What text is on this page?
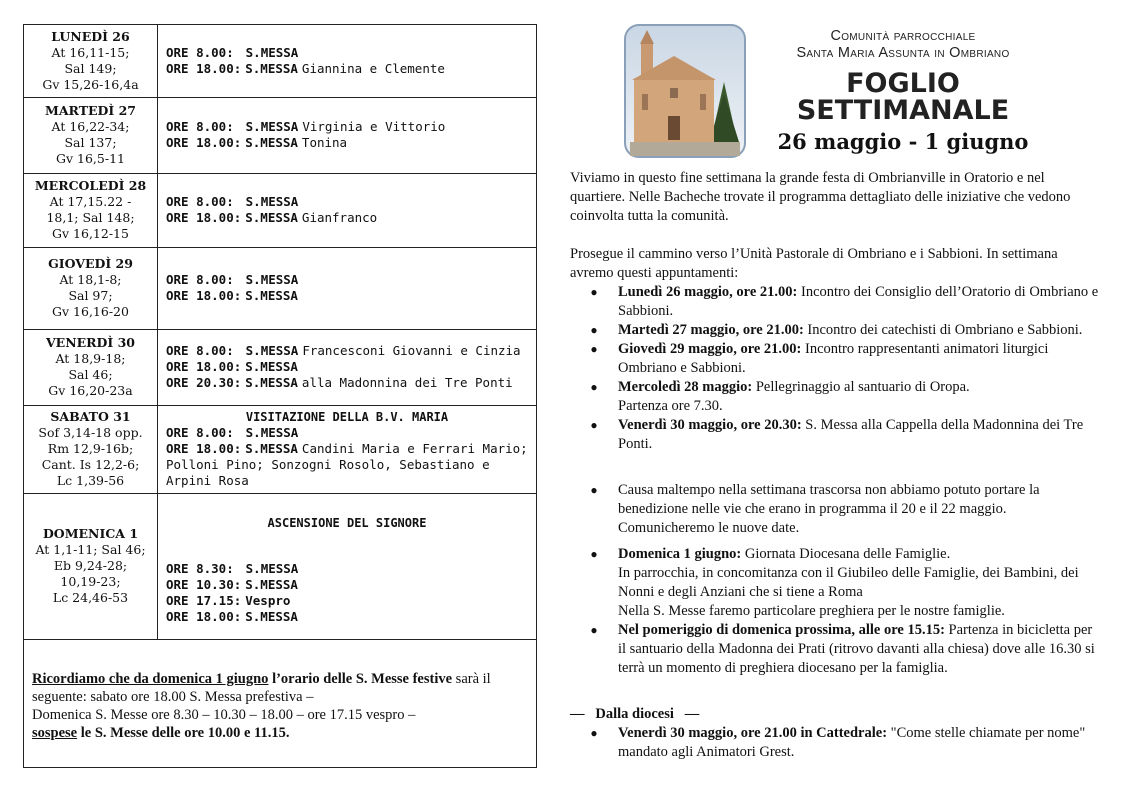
LUNEDÌ 26
At 16,11-15;
Sal 149;
Gv 15,26-16,4a
ORE 8.00: S.MESSA
ORE 18.00: S.MESSA Giannina e Clemente
MARTEDÌ 27
At 16,22-34;
Sal 137;
Gv 16,5-11
ORE 8.00: S.MESSA Virginia e Vittorio
ORE 18.00: S.MESSA Tonina
MERCOLEDÌ 28
At 17,15.22 -
18,1; Sal 148;
Gv 16,12-15
ORE 8.00: S.MESSA
ORE 18.00: S.MESSA Gianfranco
GIOVEDÌ 29
At 18,1-8;
Sal 97;
Gv 16,16-20
ORE 8.00: S.MESSA
ORE 18.00: S.MESSA
VENERDÌ 30
At 18,9-18;
Sal 46;
Gv 16,20-23a
ORE 8.00: S.MESSA Francesconi Giovanni e Cinzia
ORE 18.00: S.MESSA
ORE 20.30: S.MESSA alla Madonnina dei Tre Ponti
SABATO 31
Sof 3,14-18 opp.
Rm 12,9-16b;
Cant. Is 12,2-6;
Lc 1,39-56
VISITAZIONE DELLA B.V. MARIA
ORE 8.00: S.MESSA
ORE 18.00: S.MESSA Candini Maria e Ferrari Mario; Polloni Pino; Sonzogni Rosolo, Sebastiano e Arpini Rosa
DOMENICA 1
At 1,1-11; Sal 46;
Eb 9,24-28;
10,19-23;
Lc 24,46-53
ASCENSIONE DEL SIGNORE
ORE 8.30: S.MESSA
ORE 10.30: S.MESSA
ORE 17.15: Vespro
ORE 18.00: S.MESSA
Ricordiamo che da domenica 1 giugno l’orario delle S. Messe festive sarà il seguente: sabato ore 18.00 S. Messa prefestiva –
Domenica S. Messe ore 8.30 – 10.30 – 18.00 – ore 17.15 vespro –
sospese le S. Messe delle ore 10.00 e 11.15.
Comunità parrocchiale
Santa Maria Assunta in Ombriano
FOGLIO
SETTIMANALE
26 maggio - 1 giugno
Viviamo in questo fine settimana la grande festa di Ombrianville in Oratorio e nel quartiere. Nelle Bacheche trovate il programma dettagliato delle iniziative che vedono coinvolta tutta la comunità.
Prosegue il cammino verso l’Unità Pastorale di Ombriano e i Sabbioni. In settimana avremo questi appuntamenti:
●	Lunedì 26 maggio, ore 21.00: Incontro dei Consiglio dell’Oratorio di Ombriano e Sabbioni.
●	Martedì 27 maggio, ore 21.00: Incontro dei catechisti di Ombriano e Sabbioni.
●	Giovedì 29 maggio, ore 21.00: Incontro rappresentanti animatori liturgici Ombriano e Sabbioni.
●	Mercoledì 28 maggio: Pellegrinaggio al santuario di Oropa.
Partenza ore 7.30.
●	Venerdì 30 maggio, ore 20.30: S. Messa alla Cappella della Madonnina dei Tre Ponti.
●	Causa maltempo nella settimana trascorsa non abbiamo potuto portare la benedizione nelle vie che erano in programma il 20 e il 22 maggio. Comunicheremo le nuove date.
●	Domenica 1 giugno: Giornata Diocesana delle Famiglie.
In parrocchia, in concomitanza con il Giubileo delle Famiglie, dei Bambini, dei Nonni e degli Anziani che si tiene a Roma
Nella S. Messe faremo particolare preghiera per le nostre famiglie.
●	Nel pomeriggio di domenica prossima, alle ore 15.15: Partenza in bicicletta per il santuario della Madonna dei Prati (ritrovo davanti alla chiesa) dove alle 16.30 si terrà un momento di preghiera diocesano per la famiglia.
—   Dalla diocesi   —
●	Venerdì 30 maggio, ore 21.00 in Cattedrale: "Come stelle chiamate per nome" mandato agli Animatori Grest.
